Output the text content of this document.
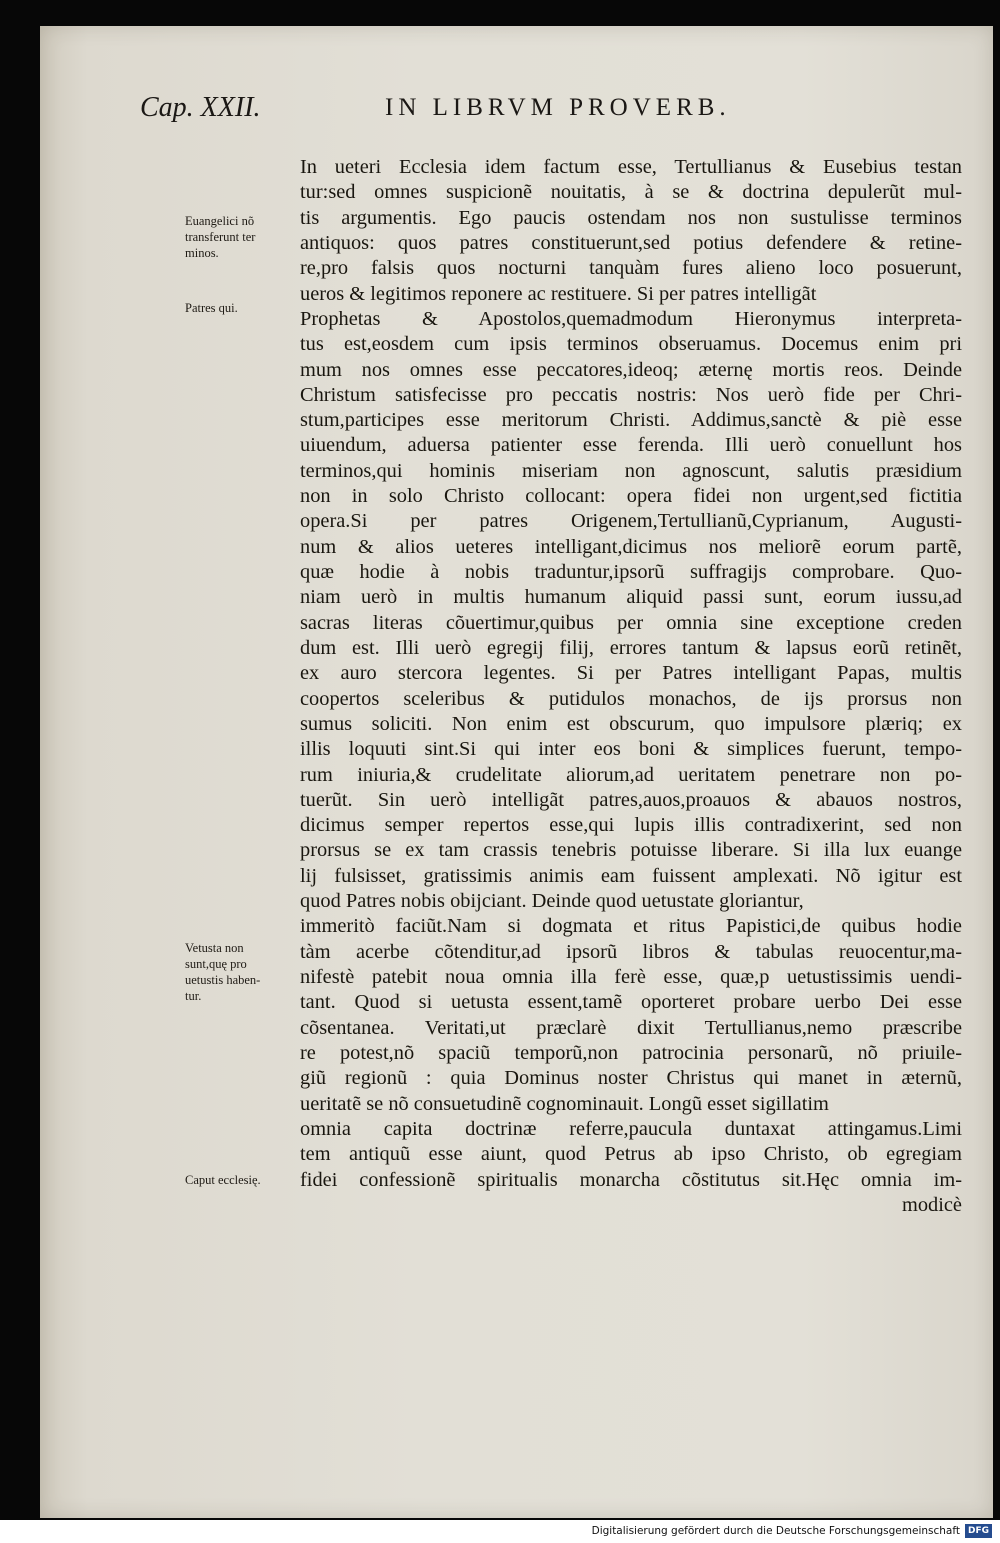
Cap. XXII.	IN LIBRVM PROVERB.
Euangelici nõ
transferunt ter
minos.
Patres qui.
Vetusta non
sunt,quę pro
uetustis haben-
tur.
Caput ecclesię.
In ueteri Ecclesia idem factum esse, Tertullianus & Eusebius testan
tur:sed omnes suspicionẽ nouitatis, à se & doctrina depulerũt mul-
tis argumentis. Ego paucis ostendam nos non sustulisse terminos
antiquos: quos patres constituerunt,sed potius defendere & retine-
re,pro falsis quos nocturni tanquàm fures alieno loco posuerunt,
ueros & legitimos reponere ac restituere. Si per patres intelligãt
Prophetas & Apostolos,quemadmodum Hieronymus interpreta-
tus est,eosdem cum ipsis terminos obseruamus. Docemus enim pri
mum nos omnes esse peccatores,ideoq; æternę mortis reos. Deinde
Christum satisfecisse pro peccatis nostris: Nos uerò fide per Chri-
stum,participes esse meritorum Christi. Addimus,sanctè & piè esse
uiuendum, aduersa patienter esse ferenda. Illi uerò conuellunt hos
terminos,qui hominis miseriam non agnoscunt, salutis præsidium
non in solo Christo collocant: opera fidei non urgent,sed fictitia
opera.Si per patres Origenem,Tertullianũ,Cyprianum, Augusti-
num & alios ueteres intelligant,dicimus nos meliorẽ eorum partẽ,
quæ hodie à nobis traduntur,ipsorũ suffragijs comprobare. Quo-
niam uerò in multis humanum aliquid passi sunt, eorum iussu,ad
sacras literas cõuertimur,quibus per omnia sine exceptione creden
dum est. Illi uerò egregij filij, errores tantum & lapsus eorũ retinẽt,
ex auro stercora legentes. Si per Patres intelligant Papas, multis
coopertos sceleribus & putidulos monachos, de ijs prorsus non
sumus soliciti. Non enim est obscurum, quo impulsore plæriq; ex
illis loquuti sint.Si qui inter eos boni & simplices fuerunt, tempo-
rum iniuria,& crudelitate aliorum,ad ueritatem penetrare non po-
tuerũt. Sin uerò intelligãt patres,auos,proauos & abauos nostros,
dicimus semper repertos esse,qui lupis illis contradixerint, sed non
prorsus se ex tam crassis tenebris potuisse liberare. Si illa lux euange
lij fulsisset, gratissimis animis eam fuissent amplexati. Nõ igitur est
quod Patres nobis obijciant. Deinde quod uetustate gloriantur,
immeritò faciũt.Nam si dogmata et ritus Papistici,de quibus hodie
tàm acerbe cõtenditur,ad ipsorũ libros & tabulas reuocentur,ma-
nifestè patebit noua omnia illa ferè esse, quæ,p uetustissimis uendi-
tant. Quod si uetusta essent,tamẽ oporteret probare uerbo Dei esse
cõsentanea. Veritati,ut præclarè dixit Tertullianus,nemo præscribe
re potest,nõ spaciũ temporũ,non patrocinia personarũ, nõ priuile-
giũ regionũ : quia Dominus noster Christus qui manet in æternũ,
ueritatẽ se nõ consuetudinẽ cognominauit. Longũ esset sigillatim
omnia capita doctrinæ referre,paucula duntaxat attingamus.Limi
tem antiquũ esse aiunt, quod Petrus ab ipso Christo, ob egregiam
fidei confessionẽ spiritualis monarcha cõstitutus sit.Hęc omnia im-
modicè
Digitalisierung gefördert durch die Deutsche Forschungsgemeinschaft DFG
